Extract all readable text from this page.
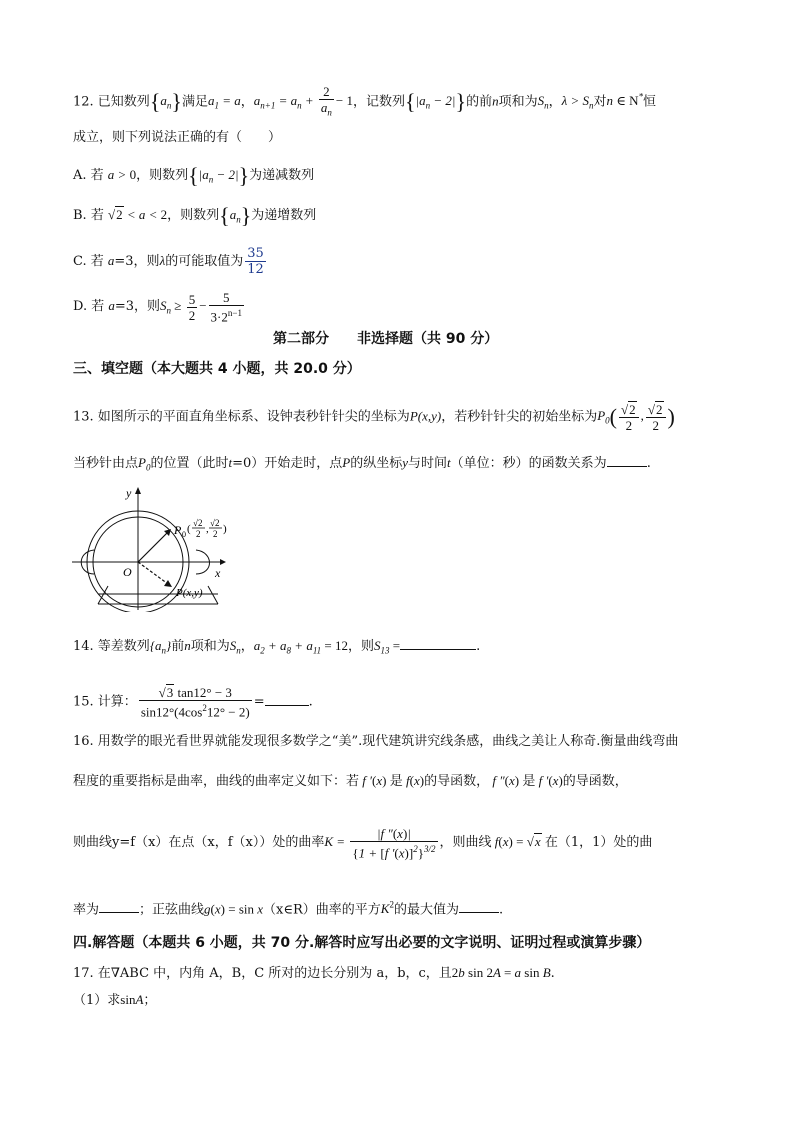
12. 已知数列$\{a_n\}$满足$a_1 = a$，$a_{n+1} = a_n + \frac{2}{a_n} - 1$，记数列$\{|a_n - 2|\}$的前n项和为$S_n$，$\lambda > S_n$对n ∈ N*恒
成立，则下列说法正确的有（　　）
A. 若 a > 0，则数列$\{|a_n - 2|\}$为递减数列
B. 若 √2 < a < 2，则数列$\{a_n\}$为递增数列
C. 若 a=3，则λ的可能取值为 $\frac{35}{12}$
D. 若 a=3，则$S_n \ge \frac{5}{2} - \frac{5}{3\cdot 2^{n-1}}$
第二部分　　非选择题（共 90 分）
三、填空题（本大题共 4 小题，共 20.0 分）
13. 如图所示的平面直角坐标系、设钟表秒针针尖的坐标为P(x,y)，若秒针针尖的初始坐标为$P_0( \frac{√2}{2}$ , $\frac{√2}{2}$ )
当秒针由点$P_0$的位置（此时t=0）开始走时，点P的纵坐标y与时间t（单位：秒）的函数关系为	.
y
x
O
P 0 ( √2
2 , √2
2 )
P(x,y)
14. 等差数列$\{a_n\}$前n项和为$S_n$，$a_2 + a_8 + a_{11} = 12$，则$S_{13}$ =	.
15. 计算： $\frac{√3 \tan 12^\circ - 3}{\sin 12^\circ(4\cos^212^\circ - 2)}$ =	.
16. 用数学的眼光看世界就能发现很多数学之“美”.现代建筑讲究线条感，曲线之美让人称奇.衡量曲线弯曲
程度的重要指标是曲率，曲线的曲率定义如下：若 f ′(x) 是 f(x)的导函数， f ″(x) 是 f ′(x)的导函数，
则曲线y=f（x）在点（x，f（x））处的曲率$K = \frac{|f ''(x)|}{\{1 + [f '(x)]^2\}^{3/2}}$ ，则曲线 f(x) = √x 在（1，1）处的曲
率为	；正弦曲线g(x) = sin x（x∈R）曲率的平方$K^2$的最大值为	.
四.解答题（本题共 6 小题，共 70 分.解答时应写出必要的文字说明、证明过程或演算步骤）
17. 在∇ABC 中，内角 A，B，C 所对的边长分别为 a，b，c，且2b sin 2A = a sin B.
（1）求sinA；
